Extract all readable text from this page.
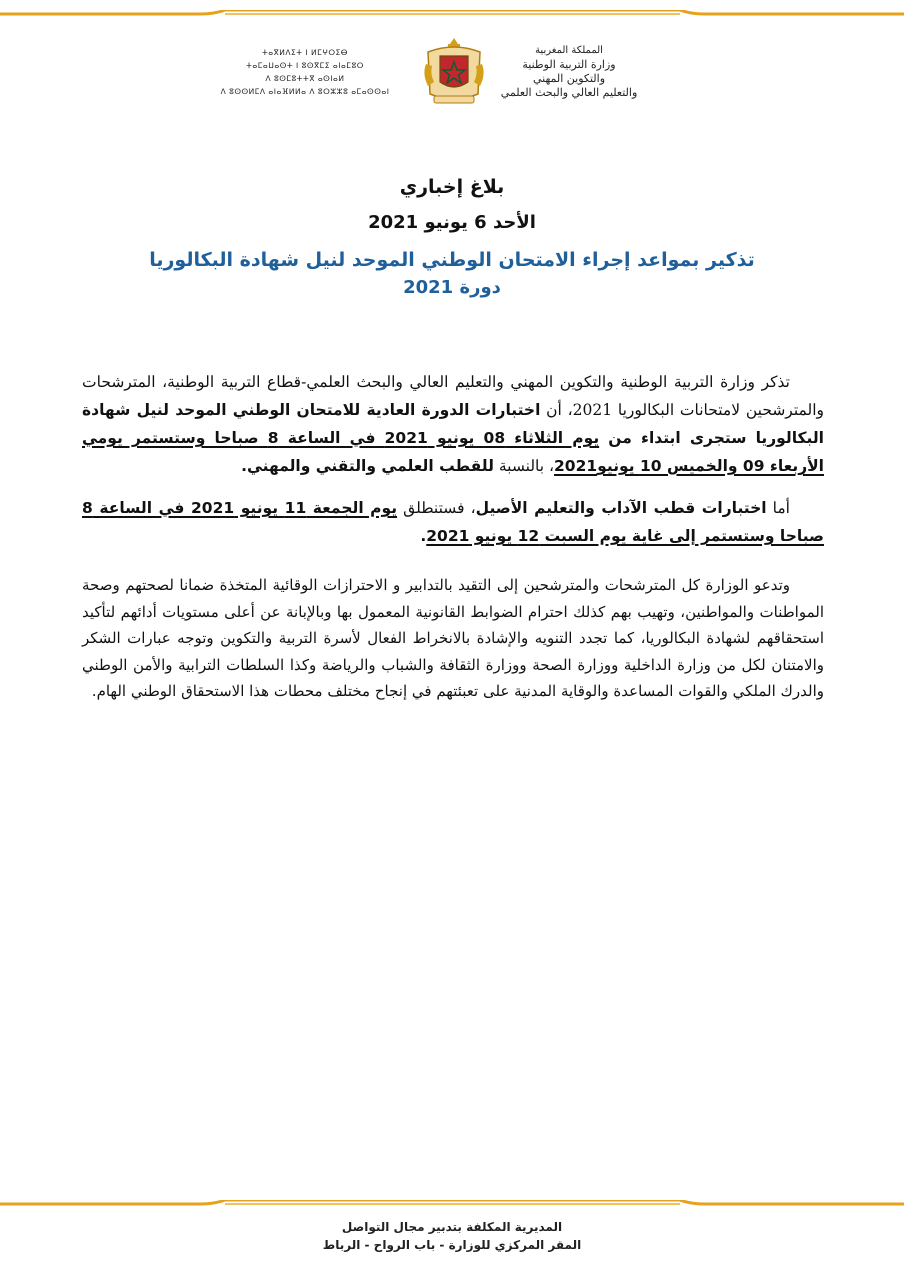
ⵜⴰⴳⵍⴷⵉⵜ ⵏ ⵍⵎⵖⵔⵉⴱ
ⵜⴰⵎⴰⵡⴰⵙⵜ ⵏ ⵓⵙⴳⵎⵉ ⴰⵏⴰⵎⵓⵔ
ⴷ ⵓⵙⵎⵓⵜⵜⴳ ⴰⵙⵏⴰⵍ
ⴷ ⵓⵙⵙⵍⵎⴷ ⴰⵏⴰⴼⵍⵍⴰ ⴷ ⵓⵔⵣⵣⵓ ⴰⵎⴰⵙⵙⴰⵏ
المملكة المغربية
وزارة التربية الوطنية
والتكوين المهني
والتعليم العالي والبحث العلمي
بلاغ إخباري
الأحد 6 يونيو 2021
تذكير بمواعد إجراء الامتحان الوطني الموحد لنيل شهادة البكالوريا
دورة 2021

تذكر وزارة التربية الوطنية والتكوين المهني والتعليم العالي والبحث العلمي-قطاع التربية الوطنية، المترشحات والمترشحين لامتحانات البكالوريا 2021، أن اختبارات الدورة العادية للامتحان الوطني الموحد لنيل شهادة البكالوريا ستجرى ابتداء من يوم الثلاثاء 08 يونيو 2021 في الساعة 8 صباحا وستستمر يومي الأربعاء 09 والخميس 10 يونيو2021، بالنسبة للقطب العلمي والتقني والمهني.

أما اختبارات قطب الآداب والتعليم الأصيل، فستنطلق يوم الجمعة 11 يونيو 2021 في الساعة 8 صباحا وستستمر إلى غاية يوم السبت 12 يونيو 2021.

وتدعو الوزارة كل المترشحات والمترشحين إلى التقيد بالتدابير و الاحترازات الوقائية المتخذة ضمانا لصحتهم وصحة المواطنات والمواطنين، وتهيب بهم كذلك احترام الضوابط القانونية المعمول بها وبالإبانة عن أعلى مستويات أدائهم لتأكيد استحقاقهم لشهادة البكالوريا، كما تجدد التنويه والإشادة بالانخراط الفعال لأسرة التربية والتكوين وتوجه عبارات الشكر والامتنان لكل من وزارة الداخلية ووزارة الصحة ووزارة الثقافة والشباب والرياضة وكذا السلطات الترابية والأمن الوطني والدرك الملكي والقوات المساعدة والوقاية المدنية على تعبئتهم في إنجاح مختلف محطات هذا الاستحقاق الوطني الهام.

المديرية المكلفة بتدبير مجال التواصل
المقر المركزي للوزارة - باب الرواح - الرباط
